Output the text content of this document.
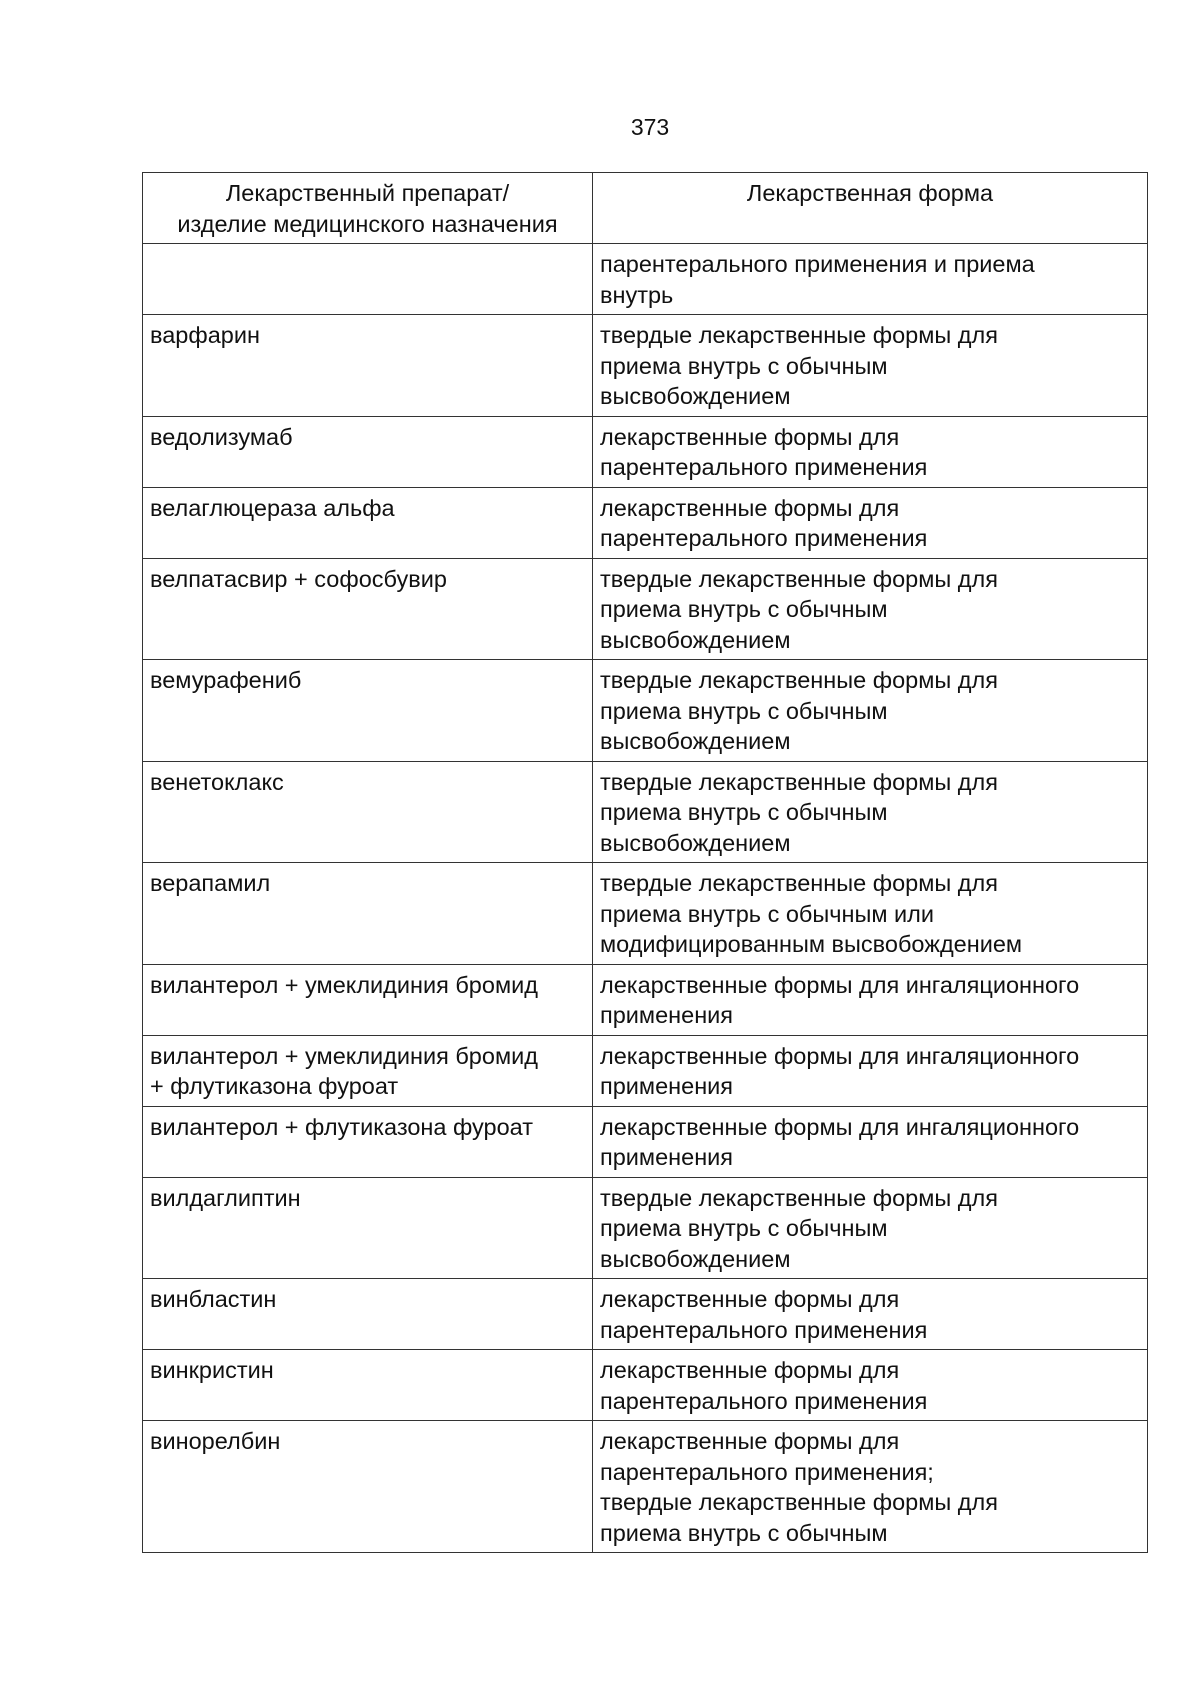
373
Лекарственный препарат/
изделие медицинского назначения	Лекарственная форма
	парентерального применения и приема
внутрь
варфарин	твердые лекарственные формы для
приема внутрь с обычным
высвобождением
ведолизумаб	лекарственные формы для
парентерального применения
велаглюцераза альфа	лекарственные формы для
парентерального применения
велпатасвир + софосбувир	твердые лекарственные формы для
приема внутрь с обычным
высвобождением
вемурафениб	твердые лекарственные формы для
приема внутрь с обычным
высвобождением
венетоклакс	твердые лекарственные формы для
приема внутрь с обычным
высвобождением
верапамил	твердые лекарственные формы для
приема внутрь с обычным или
модифицированным высвобождением
вилантерол + умеклидиния бромид	лекарственные формы для ингаляционного
применения
вилантерол + умеклидиния бромид
+ флутиказона фуроат	лекарственные формы для ингаляционного
применения
вилантерол + флутиказона фуроат	лекарственные формы для ингаляционного
применения
вилдаглиптин	твердые лекарственные формы для
приема внутрь с обычным
высвобождением
винбластин	лекарственные формы для
парентерального применения
винкристин	лекарственные формы для
парентерального применения
винорелбин	лекарственные формы для
парентерального применения;
твердые лекарственные формы для
приема внутрь с обычным
